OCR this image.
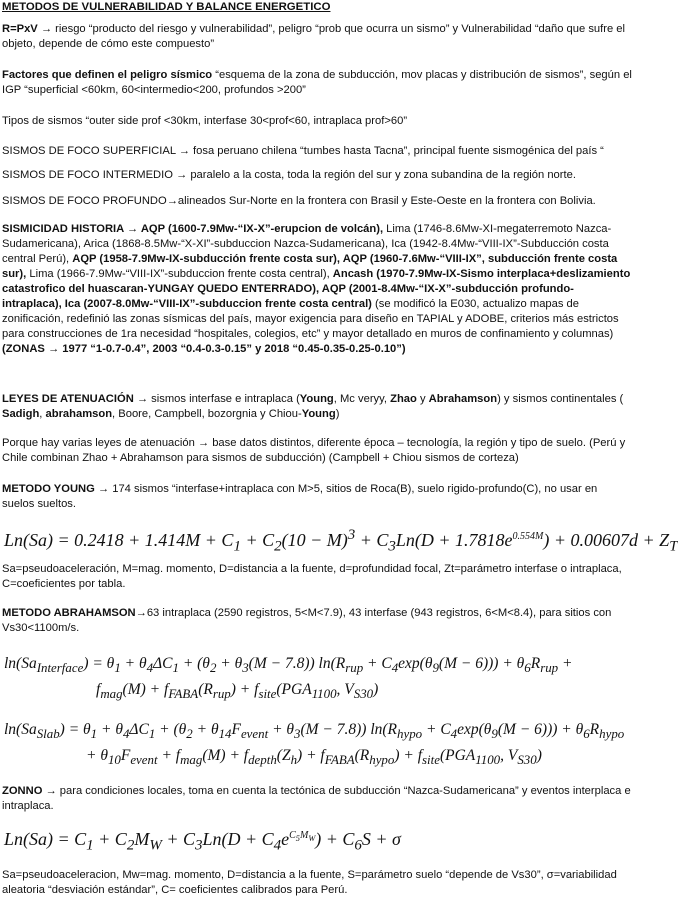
METODOS DE VULNERABILIDAD Y BALANCE ENERGETICO

R=PxV → riesgo “producto del riesgo y vulnerabilidad”, peligro “prob que ocurra un sismo” y Vulnerabilidad “daño que sufre el objeto, depende de cómo este compuesto”

Factores que definen el peligro sísmico “esquema de la zona de subducción, mov placas y distribución de sismos”, según el IGP “superficial <60km, 60<intermedio<200, profundos >200”

Tipos de sismos “outer side prof <30km, interfase 30<prof<60, intraplaca prof>60”

SISMOS DE FOCO SUPERFICIAL → fosa peruano chilena “tumbes hasta Tacna”, principal fuente sismogénica del país “

SISMOS DE FOCO INTERMEDIO → paralelo a la costa, toda la región del sur y zona subandina de la región norte.

SISMOS DE FOCO PROFUNDO→alineados Sur-Norte en la frontera con Brasil y Este-Oeste en la frontera con Bolivia.

SISMICIDAD HISTORIA → AQP (1600-7.9Mw-“IX-X”-erupcion de volcán), Lima (1746-8.6Mw-XI-megaterremoto Nazca-Sudamericana), Arica (1868-8.5Mw-“X-XI”-subduccion Nazca-Sudamericana), Ica (1942-8.4Mw-“VIII-IX”-Subducción costa central Perú), AQP (1958-7.9Mw-IX-subducción frente costa sur), AQP (1960-7.6Mw-“VIII-IX”, subducción frente costa sur), Lima (1966-7.9Mw-“VIII-IX”-subduccion frente costa central), Ancash (1970-7.9Mw-IX-Sismo interplaca+deslizamiento catastrofico del huascaran-YUNGAY QUEDO ENTERRADO), AQP (2001-8.4Mw-“IX-X”-subducción profundo-intraplaca), Ica (2007-8.0Mw-“VIII-IX”-subduccion frente costa central) (se modificó la E030, actualizo mapas de zonificación, redefinió las zonas sísmicas del país, mayor exigencia para diseño en TAPIAL y ADOBE, criterios más estrictos para construcciones de 1ra necesidad “hospitales, colegios, etc” y mayor detallado en muros de confinamiento y columnas)(ZONAS → 1977 “1-0.7-0.4”, 2003 “0.4-0.3-0.15” y 2018 “0.45-0.35-0.25-0.10”)

LEYES DE ATENUACIÓN → sismos interfase e intraplaca (Young, Mc veryy, Zhao y Abrahamson) y sismos continentales ( Sadigh, abrahamson, Boore, Campbell, bozorgnia y Chiou-Young)

Porque hay varias leyes de atenuación → base datos distintos, diferente época – tecnología, la región y tipo de suelo. (Perú y Chile combinan Zhao + Abrahamson para sismos de subducción) (Campbell + Chiou sismos de corteza)

METODO YOUNG → 174 sismos “interfase+intraplaca con M>5, sitios de Roca(B), suelo rigido-profundo(C), no usar en suelos sueltos.

$Ln(Sa) = 0.2418 + 1.414M + C_1 + C_2(10 - M)^3 + C_3Ln(D + 1.7818e^{0.554M}) + 0.00607d + Z_T$

Sa=pseudoaceleración, M=mag. momento, D=distancia a la fuente, d=profundidad focal, Zt=parámetro interfase o intraplaca, C=coeficientes por tabla.

METODO ABRAHAMSON→63 intraplaca (2590 registros, 5<M<7.9), 43 interfase (943 registros, 6<M<8.4), para sitios con Vs30<1100m/s.

$\ln(Sa_{Interface}) = \theta_1 + \theta_4\Delta C_1 + (\theta_2 + \theta_3(M - 7.8)) \ln(R_{rup} + C_4\exp(\theta_9(M - 6))) + \theta_6R_{rup}$ +
$f_{mag}(M) + f_{FABA}(R_{rup}) + f_{site}(PGA_{1100}$, $V_{S30}$)
$\ln(Sa_{Slab}) = \theta_1 + \theta_4\Delta C_1 + (\theta_2 + \theta_{14}F_{event} + \theta_3(M - 7.8)) \ln(R_{hypo} + C_4\exp(\theta_9(M - 6))) + \theta_6R_{hypo}$
+ $\theta_{10}F_{event} + f_{mag}(M) + f_{depth}(Z_h) + f_{FABA}(R_{hypo}) + f_{site}(PGA_{1100}$, $V_{S30}$)

ZONNO → para condiciones locales, toma en cuenta la tectónica de subducción “Nazca-Sudamericana” y eventos interplaca e intraplaca.

$Ln(Sa) = C_1 + C_2M_W + C_3Ln(D + C_4e^{C_5M_W}) + C_6S + \sigma$

Sa=pseudoaceleracion, Mw=mag. momento, D=distancia a la fuente, S=parámetro suelo “depende de Vs30”, σ=variabilidad aleatoria “desviación estándar”, C= coeficientes calibrados para Perú.
